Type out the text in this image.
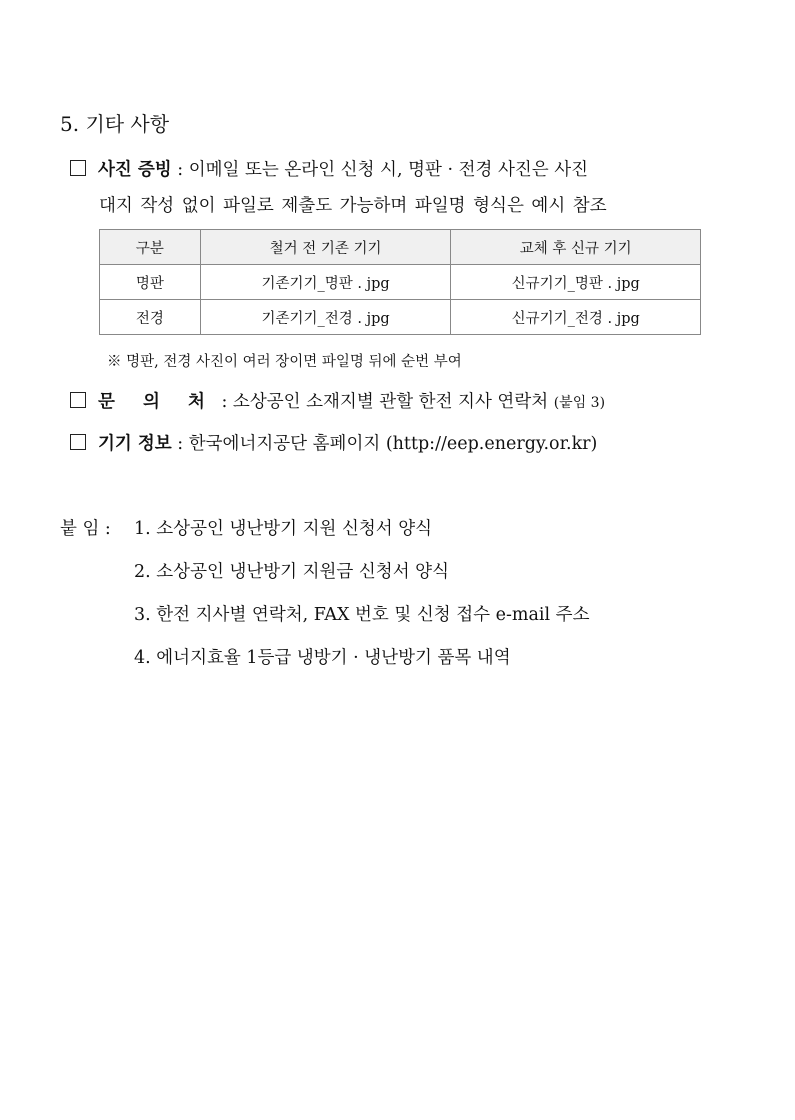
5. 기타 사항
사진 증빙 : 이메일 또는 온라인 신청 시, 명판 · 전경 사진은 사진
대지 작성 없이 파일로 제출도 가능하며 파일명 형식은 예시 참조
구분	철거 전 기존 기기	교체 후 신규 기기
명판	기존기기_명판 . jpg	신규기기_명판 . jpg
전경	기존기기_전경 . jpg	신규기기_전경 . jpg
※ 명판, 전경 사진이 여러 장이면 파일명 뒤에 순번 부여
문 의 처 : 소상공인 소재지별 관할 한전 지사 연락처 (붙임 3)
기기 정보 : 한국에너지공단 홈페이지 (http://eep.energy.or.kr)
붙 임 : 1. 소상공인 냉난방기 지원 신청서 양식
2. 소상공인 냉난방기 지원금 신청서 양식
3. 한전 지사별 연락처, FAX 번호 및 신청 접수 e-mail 주소
4. 에너지효율 1등급 냉방기 · 냉난방기 품목 내역
